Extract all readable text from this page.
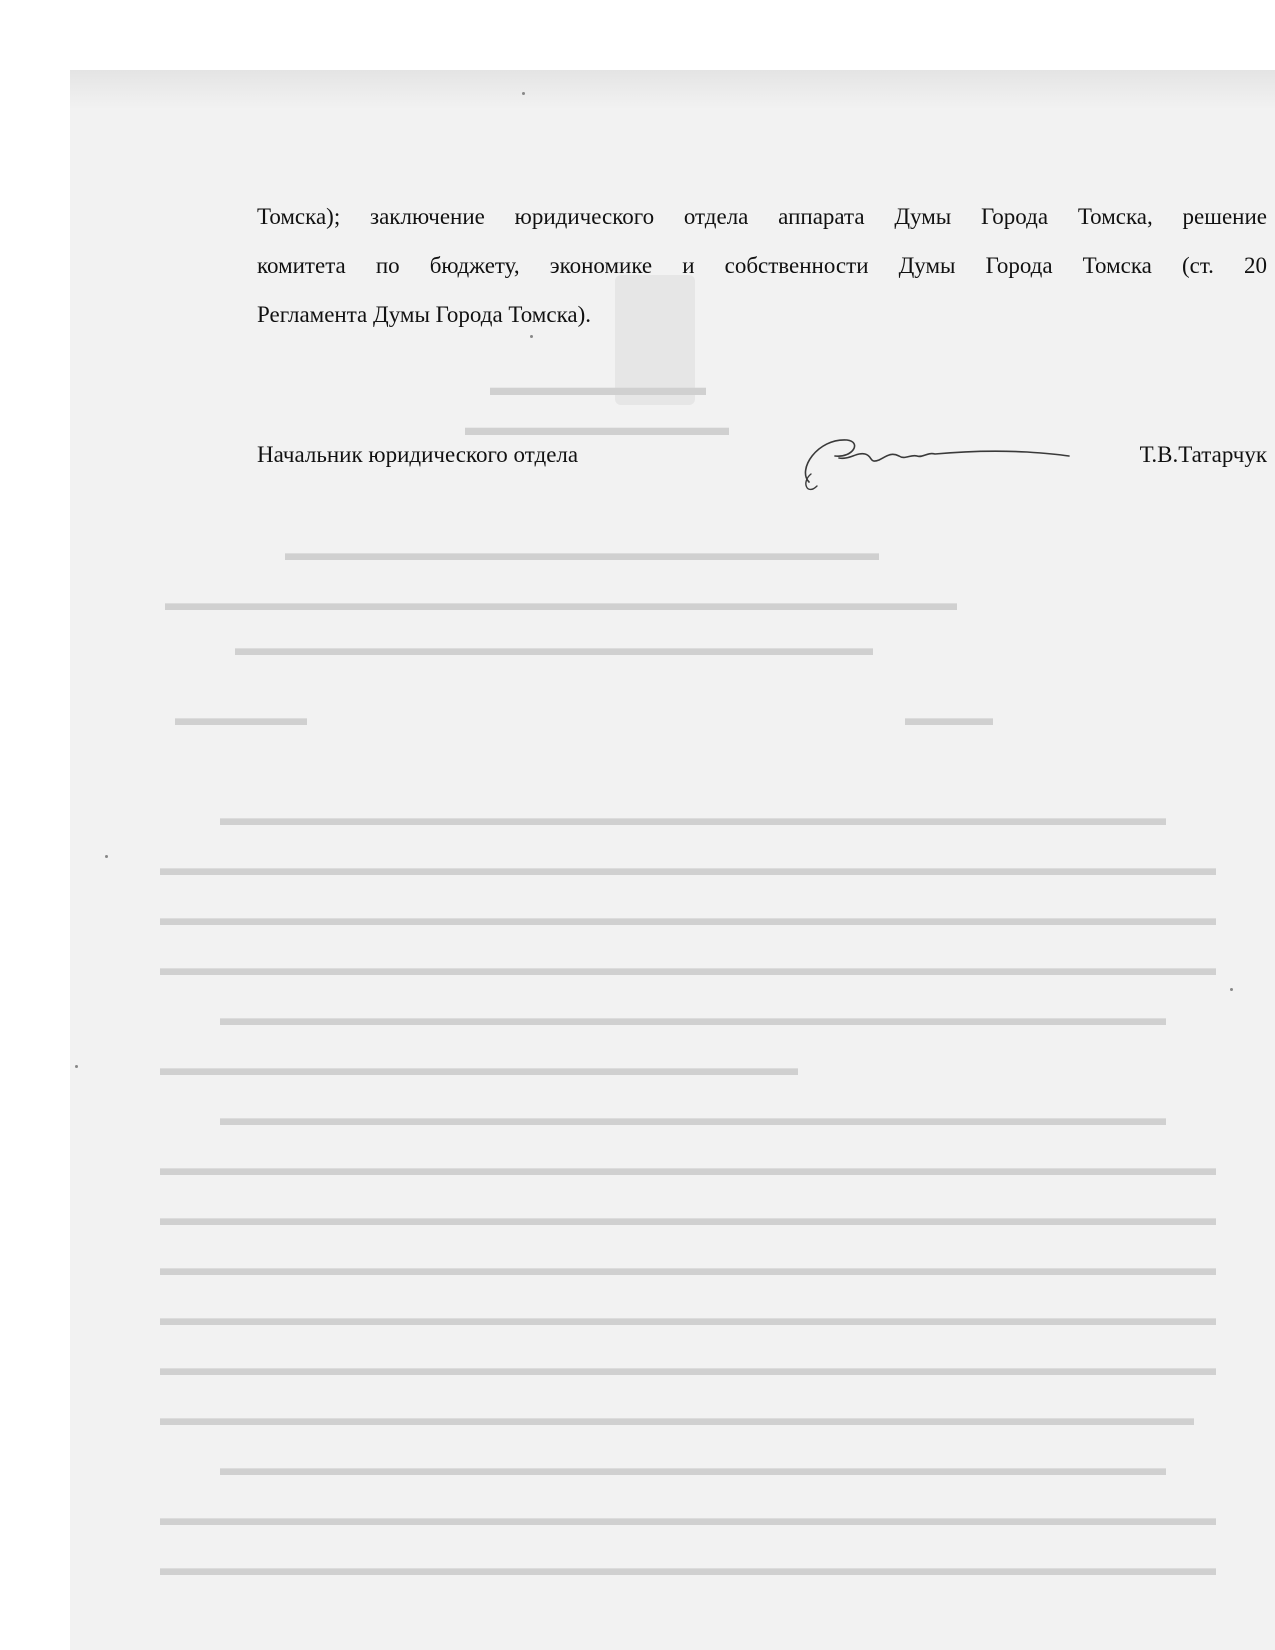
▬▬▬▬▬▬▬▬▬
▬▬▬▬▬▬▬▬▬▬▬
▬▬▬▬▬▬▬▬▬▬▬▬▬▬▬▬▬▬▬▬▬▬▬▬▬▬▬
▬▬▬▬▬▬▬▬▬▬▬▬▬▬▬▬▬▬▬▬▬▬▬▬▬▬▬▬▬▬▬▬▬▬▬▬
▬▬▬▬▬▬▬▬▬▬▬▬▬▬▬▬▬▬▬▬▬▬▬▬▬▬▬▬▬
▬▬▬▬▬▬	▬▬▬▬
▬▬▬▬▬▬▬▬▬▬▬▬▬▬▬▬▬▬▬▬▬▬▬▬▬▬▬▬▬▬▬▬▬▬▬▬▬▬▬▬▬▬▬
▬▬▬▬▬▬▬▬▬▬▬▬▬▬▬▬▬▬▬▬▬▬▬▬▬▬▬▬▬▬▬▬▬▬▬▬▬▬▬▬▬▬▬▬▬▬▬▬
▬▬▬▬▬▬▬▬▬▬▬▬▬▬▬▬▬▬▬▬▬▬▬▬▬▬▬▬▬▬▬▬▬▬▬▬▬▬▬▬▬▬▬▬▬▬▬▬
▬▬▬▬▬▬▬▬▬▬▬▬▬▬▬▬▬▬▬▬▬▬▬▬▬▬▬▬▬▬▬▬▬▬▬▬▬▬▬▬▬▬▬▬▬▬▬▬
▬▬▬▬▬▬▬▬▬▬▬▬▬▬▬▬▬▬▬▬▬▬▬▬▬▬▬▬▬▬▬▬▬▬▬▬▬▬▬▬▬▬▬
▬▬▬▬▬▬▬▬▬▬▬▬▬▬▬▬▬▬▬▬▬▬▬▬▬▬▬▬▬
▬▬▬▬▬▬▬▬▬▬▬▬▬▬▬▬▬▬▬▬▬▬▬▬▬▬▬▬▬▬▬▬▬▬▬▬▬▬▬▬▬▬▬
▬▬▬▬▬▬▬▬▬▬▬▬▬▬▬▬▬▬▬▬▬▬▬▬▬▬▬▬▬▬▬▬▬▬▬▬▬▬▬▬▬▬▬▬▬▬▬▬
▬▬▬▬▬▬▬▬▬▬▬▬▬▬▬▬▬▬▬▬▬▬▬▬▬▬▬▬▬▬▬▬▬▬▬▬▬▬▬▬▬▬▬▬▬▬▬▬
▬▬▬▬▬▬▬▬▬▬▬▬▬▬▬▬▬▬▬▬▬▬▬▬▬▬▬▬▬▬▬▬▬▬▬▬▬▬▬▬▬▬▬▬▬▬▬▬
▬▬▬▬▬▬▬▬▬▬▬▬▬▬▬▬▬▬▬▬▬▬▬▬▬▬▬▬▬▬▬▬▬▬▬▬▬▬▬▬▬▬▬▬▬▬▬▬
▬▬▬▬▬▬▬▬▬▬▬▬▬▬▬▬▬▬▬▬▬▬▬▬▬▬▬▬▬▬▬▬▬▬▬▬▬▬▬▬▬▬▬▬▬▬▬▬
▬▬▬▬▬▬▬▬▬▬▬▬▬▬▬▬▬▬▬▬▬▬▬▬▬▬▬▬▬▬▬▬▬▬▬▬▬▬▬▬▬▬▬▬▬▬▬
▬▬▬▬▬▬▬▬▬▬▬▬▬▬▬▬▬▬▬▬▬▬▬▬▬▬▬▬▬▬▬▬▬▬▬▬▬▬▬▬▬▬▬
▬▬▬▬▬▬▬▬▬▬▬▬▬▬▬▬▬▬▬▬▬▬▬▬▬▬▬▬▬▬▬▬▬▬▬▬▬▬▬▬▬▬▬▬▬▬▬▬
▬▬▬▬▬▬▬▬▬▬▬▬▬▬▬▬▬▬▬▬▬▬▬▬▬▬▬▬▬▬▬▬▬▬▬▬▬▬▬▬▬▬▬▬▬▬▬▬

Томска); заключение юридического отдела аппарата Думы Города Томска, решение
комитета по бюджету, экономике и собственности Думы Города Томска (ст. 20
Регламента Думы Города Томска).

Начальник юридического отдела	Т.В.Татарчук
